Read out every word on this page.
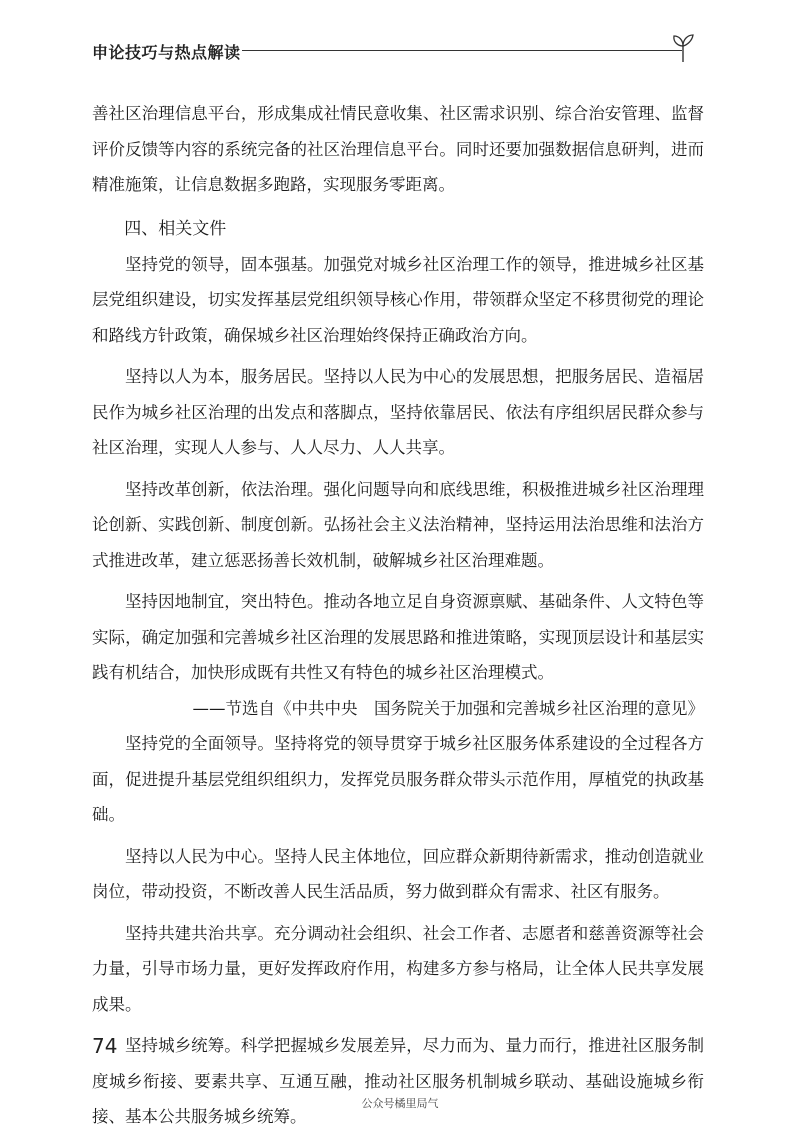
申论技巧与热点解读

善社区治理信息平台，形成集成社情民意收集、社区需求识别、综合治安管理、监督评价反馈等内容的系统完备的社区治理信息平台。同时还要加强数据信息研判，进而精准施策，让信息数据多跑路，实现服务零距离。

四、相关文件

坚持党的领导，固本强基。加强党对城乡社区治理工作的领导，推进城乡社区基层党组织建设，切实发挥基层党组织领导核心作用，带领群众坚定不移贯彻党的理论和路线方针政策，确保城乡社区治理始终保持正确政治方向。

坚持以人为本，服务居民。坚持以人民为中心的发展思想，把服务居民、造福居民作为城乡社区治理的出发点和落脚点，坚持依靠居民、依法有序组织居民群众参与社区治理，实现人人参与、人人尽力、人人共享。

坚持改革创新，依法治理。强化问题导向和底线思维，积极推进城乡社区治理理论创新、实践创新、制度创新。弘扬社会主义法治精神，坚持运用法治思维和法治方式推进改革，建立惩恶扬善长效机制，破解城乡社区治理难题。

坚持因地制宜，突出特色。推动各地立足自身资源禀赋、基础条件、人文特色等实际，确定加强和完善城乡社区治理的发展思路和推进策略，实现顶层设计和基层实践有机结合，加快形成既有共性又有特色的城乡社区治理模式。

——节选自《中共中央　国务院关于加强和完善城乡社区治理的意见》

坚持党的全面领导。坚持将党的领导贯穿于城乡社区服务体系建设的全过程各方面，促进提升基层党组织组织力，发挥党员服务群众带头示范作用，厚植党的执政基础。

坚持以人民为中心。坚持人民主体地位，回应群众新期待新需求，推动创造就业岗位，带动投资，不断改善人民生活品质，努力做到群众有需求、社区有服务。

坚持共建共治共享。充分调动社会组织、社会工作者、志愿者和慈善资源等社会力量，引导市场力量，更好发挥政府作用，构建多方参与格局，让全体人民共享发展成果。

坚持城乡统筹。科学把握城乡发展差异，尽力而为、量力而行，推进社区服务制度城乡衔接、要素共享、互通互融，推动社区服务机制城乡联动、基础设施城乡衔接、基本公共服务城乡统筹。

74
公众号橘里局气
